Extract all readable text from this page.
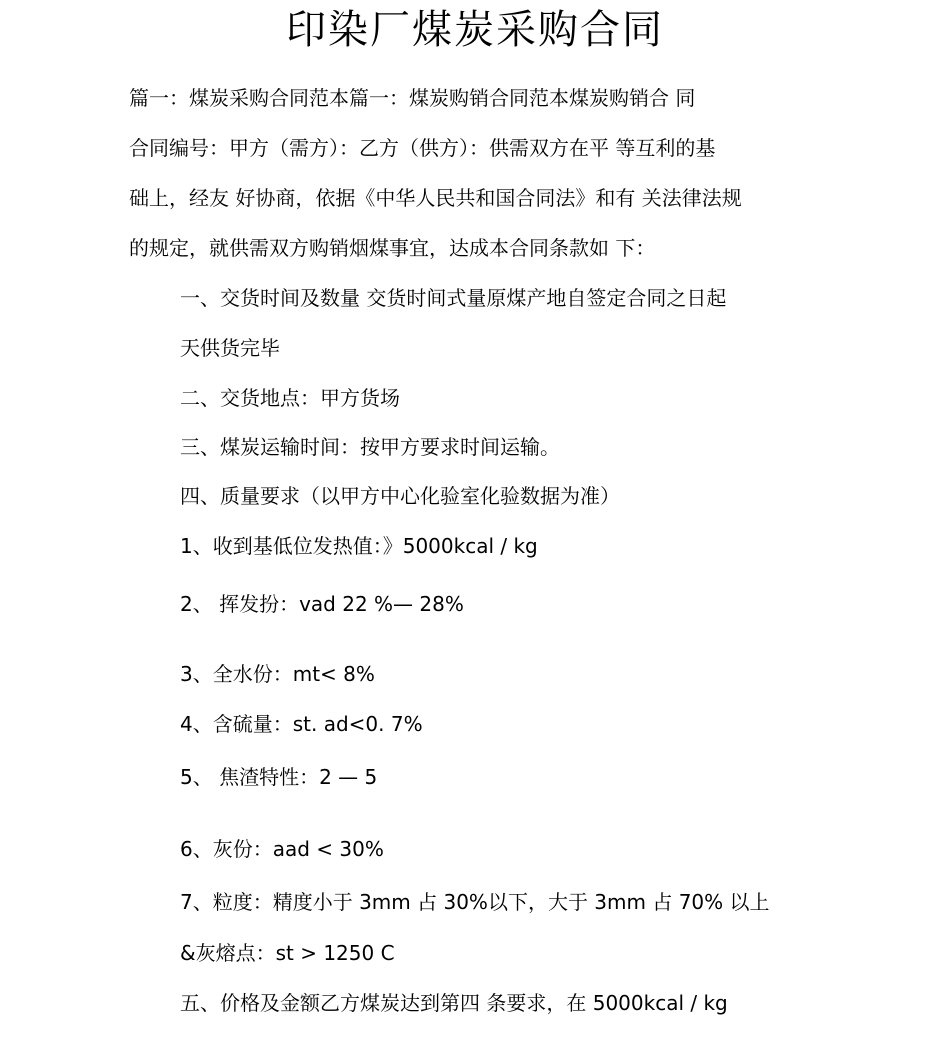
印染厂煤炭采购合同
篇一：煤炭采购合同范本篇一：煤炭购销合同范本煤炭购销合 同
合同编号：甲方（需方）：乙方（供方）：供需双方在平 等互利的基
础上，经友 好协商，依据《中华人民共和国合同法》和有 关法律法规
的规定，就供需双方购销烟煤事宜，达成本合同条款如 下：
一、交货时间及数量 交货时间式量原煤产地自签定合同之日起
天供货完毕
二、交货地点：甲方货场
三、煤炭运输时间：按甲方要求时间运输。
四、质量要求（以甲方中心化验室化验数据为准）
1、收到基低位发热值：》5000kcal / kg
2、 挥发扮：vad 22 %— 28%
3、全水份：mt< 8%
4、含硫量：st. ad<0. 7%
5、 焦渣特性：2 — 5
6、灰份：aad < 30%
7、粒度：精度小于 3mm 占 30%以下，大于 3mm 占 70% 以上
&灰熔点：st > 1250 C
五、价格及金额乙方煤炭达到第四 条要求，在 5000kcal / kg
